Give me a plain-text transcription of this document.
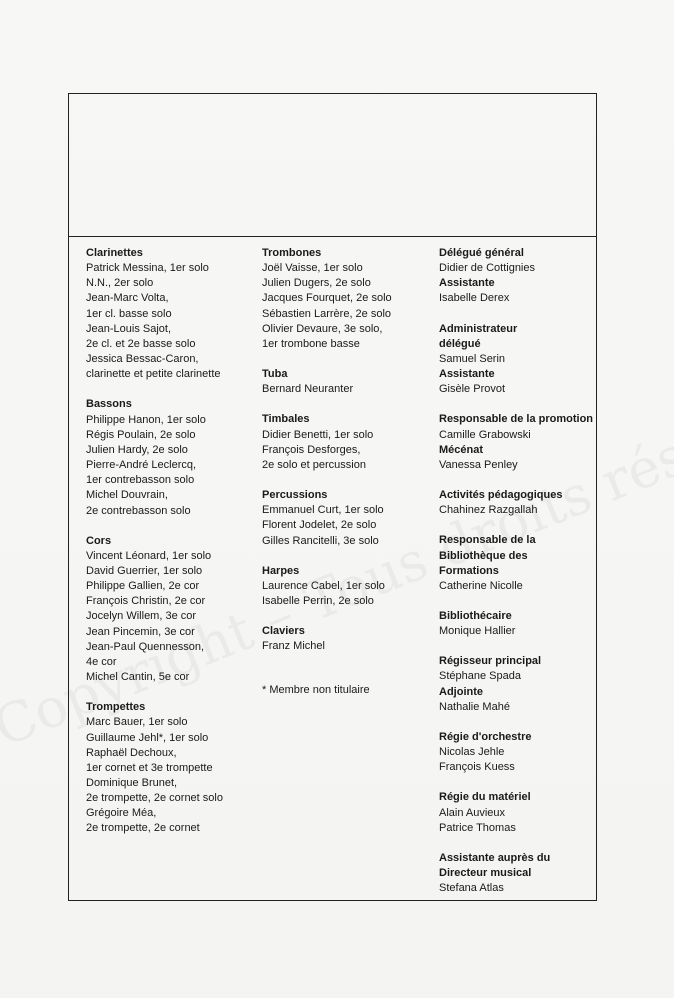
Clarinettes
Patrick Messina, 1er solo
N.N., 2er solo
Jean-Marc Volta,
1er cl. basse solo
Jean-Louis Sajot,
2e cl. et 2e basse solo
Jessica Bessac-Caron,
clarinette et petite clarinette
Bassons
Philippe Hanon, 1er solo
Régis Poulain, 2e solo
Julien Hardy, 2e solo
Pierre-André Leclercq,
1er contrebasson solo
Michel Douvrain,
2e contrebasson solo
Cors
Vincent Léonard, 1er solo
David Guerrier, 1er solo
Philippe Gallien, 2e cor
François Christin, 2e cor
Jocelyn Willem, 3e cor
Jean Pincemin, 3e cor
Jean-Paul Quennesson,
4e cor
Michel Cantin, 5e cor
Trompettes
Marc Bauer, 1er solo
Guillaume Jehl*, 1er solo
Raphaël Dechoux,
1er cornet et 3e trompette
Dominique Brunet,
2e trompette, 2e cornet solo
Grégoire Méa,
2e trompette, 2e cornet
Trombones
Joël Vaisse, 1er solo
Julien Dugers, 2e solo
Jacques Fourquet, 2e solo
Sébastien Larrère, 2e solo
Olivier Devaure, 3e solo,
1er trombone basse
Tuba
Bernard Neuranter
Timbales
Didier Benetti, 1er solo
François Desforges,
2e solo et percussion
Percussions
Emmanuel Curt, 1er solo
Florent Jodelet, 2e solo
Gilles Rancitelli, 3e solo
Harpes
Laurence Cabel, 1er solo
Isabelle Perrin, 2e solo
Claviers
Franz Michel
* Membre non titulaire
Délégué général
Didier de Cottignies
Assistante
Isabelle Derex
Administrateur
délégué
Samuel Serin
Assistante
Gisèle Provot
Responsable de la promotion
Camille Grabowski
Mécénat
Vanessa Penley
Activités pédagogiques
Chahinez Razgallah
Responsable de la
Bibliothèque des
Formations
Catherine Nicolle
Bibliothécaire
Monique Hallier
Régisseur principal
Stéphane Spada
Adjointe
Nathalie Mahé
Régie d'orchestre
Nicolas Jehle
François Kuess
Régie du matériel
Alain Auvieux
Patrice Thomas
Assistante auprès du
Directeur musical
Stefana Atlas
